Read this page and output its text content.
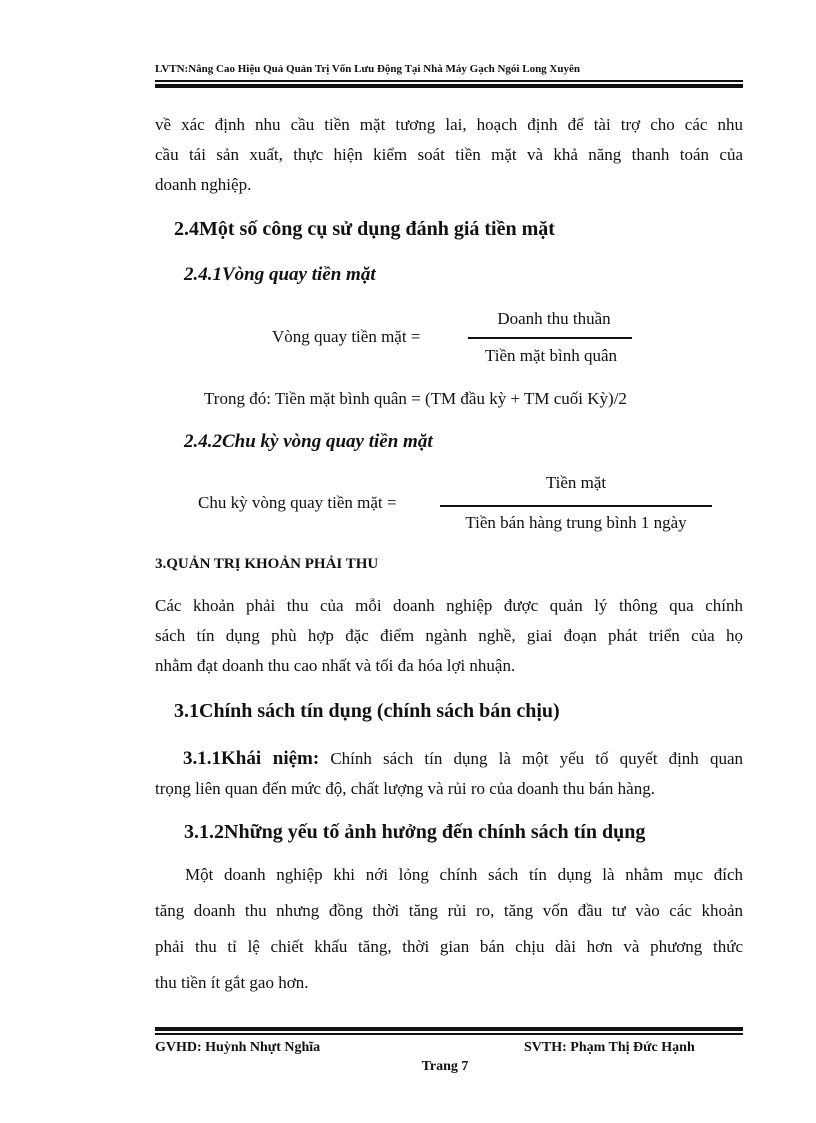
LVTN:Nâng Cao Hiệu Quả Quản Trị Vốn Lưu Động Tại Nhà Máy Gạch Ngói Long Xuyên
về xác định nhu cầu tiền mặt tương lai, hoạch định để tài trợ cho các nhu
cầu tái sản xuất, thực hiện kiểm soát tiền mặt và khả năng thanh toán của
doanh nghiệp.
2.4Một số công cụ sử dụng đánh giá tiền mặt
2.4.1Vòng quay tiền mặt
Vòng quay tiền mặt =
Doanh thu thuần
Tiền mặt bình quân
Trong đó: Tiền mặt bình quân = (TM đầu kỳ + TM cuối Kỳ)/2
2.4.2Chu kỳ vòng quay tiền mặt
Chu kỳ vòng quay tiền mặt =
Tiền mặt
Tiền bán hàng trung bình 1 ngày
3.QUẢN TRỊ KHOẢN PHẢI THU
Các khoản phải thu của mỗi doanh nghiệp được quản lý thông qua chính
sách tín dụng phù hợp đặc điểm ngành nghề, giai đoạn phát triển của họ
nhằm đạt doanh thu cao nhất và tối đa hóa lợi nhuận.
3.1Chính sách tín dụng (chính sách bán chịu)
3.1.1Khái niệm: Chính sách tín dụng là một yếu tố quyết định quan
trọng liên quan đến mức độ, chất lượng và rủi ro của doanh thu bán hàng.
3.1.2Những yếu tố ảnh hưởng đến chính sách tín dụng
Một doanh nghiệp khi nới lỏng chính sách tín dụng là nhằm mục đích
tăng doanh thu nhưng đồng thời tăng rủi ro, tăng vốn đầu tư vào các khoản
phải thu tỉ lệ chiết khấu tăng, thời gian bán chịu dài hơn và phương thức
thu tiền ít gắt gao hơn.
GVHD: Huỳnh Nhựt Nghĩa	SVTH: Phạm Thị Đức Hạnh
Trang 7
